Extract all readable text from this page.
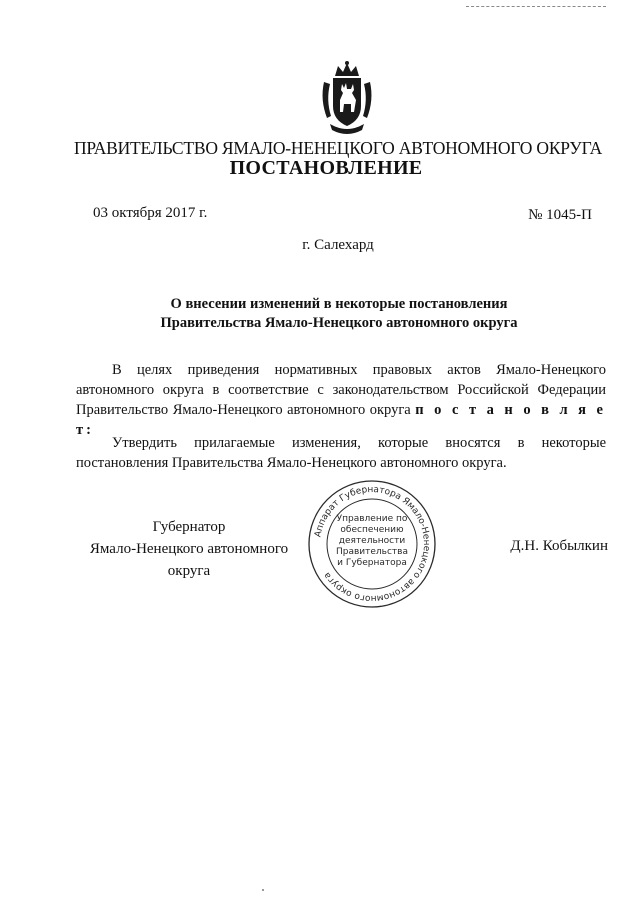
ПРАВИТЕЛЬСТВО ЯМАЛО-НЕНЕЦКОГО АВТОНОМНОГО ОКРУГА
ПОСТАНОВЛЕНИЕ
03 октября 2017 г.	№ 1045-П
г. Салехард
О внесении изменений в некоторые постановления
Правительства Ямало-Ненецкого автономного округа
В целях приведения нормативных правовых актов Ямало-Ненецкого автономного округа в соответствие с законодательством Российской Федерации Правительство Ямало-Ненецкого автономного округа п о с т а н о в л я е т:
Утвердить прилагаемые изменения, которые вносятся в некоторые постановления Правительства Ямало-Ненецкого автономного округа.
Губернатор
Ямало-Ненецкого автономного округа
Аппарат Губернатора Ямало-Ненецкого автономного округа
Управление по
обеспечению
деятельности
Правительства
и Губернатора
Д.Н. Кобылкин
